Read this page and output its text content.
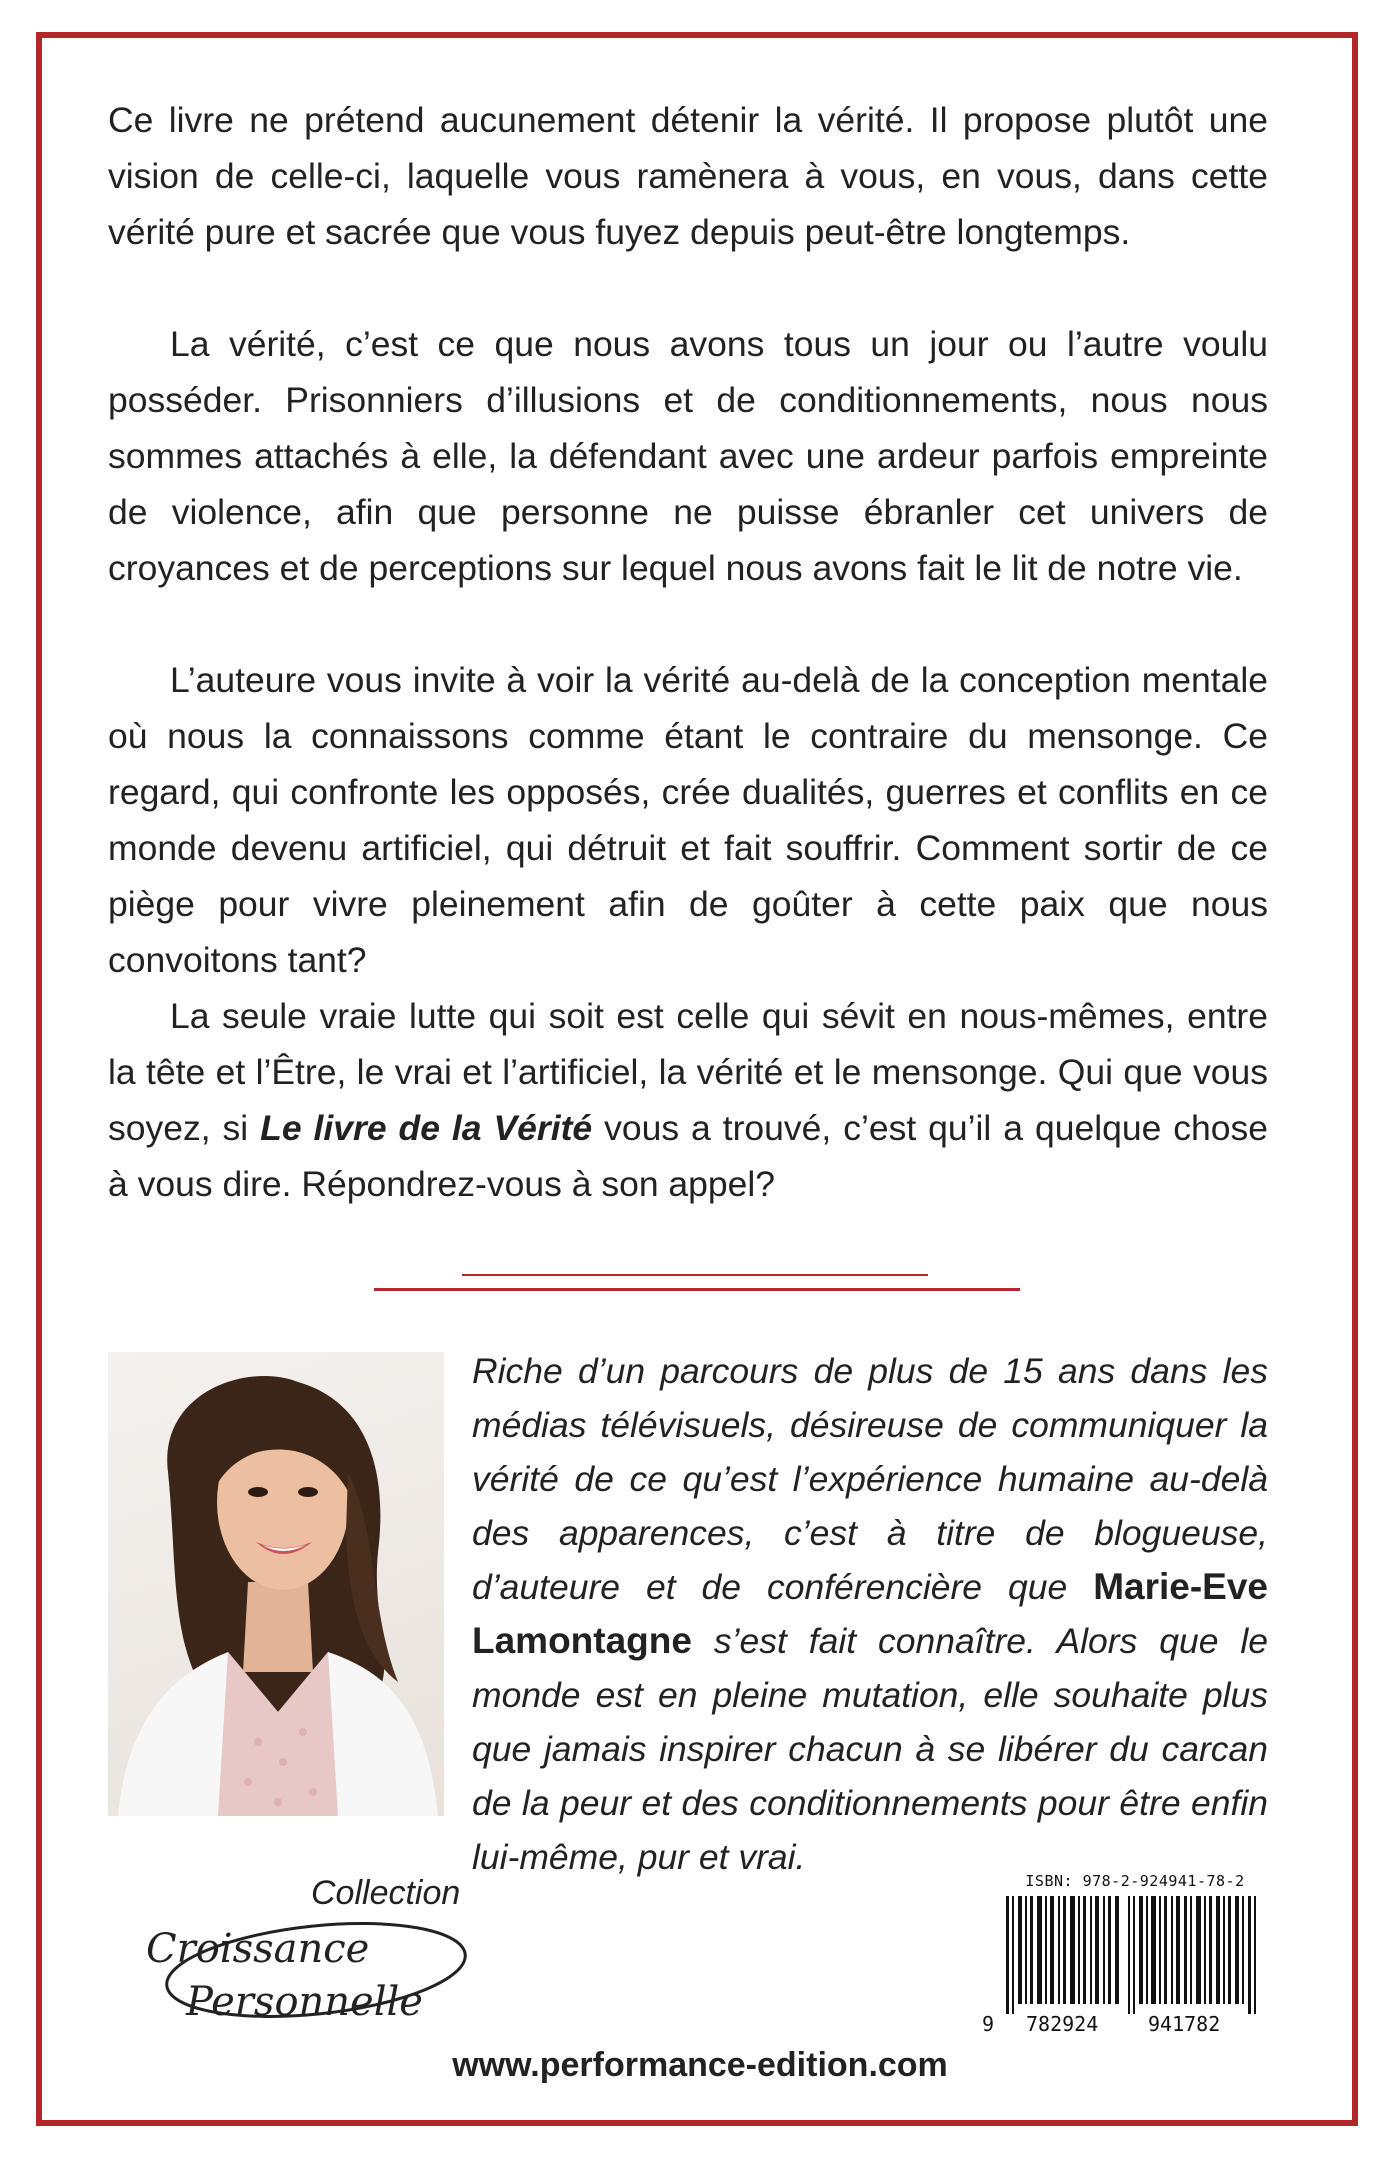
Ce livre ne prétend aucunement détenir la vérité. Il propose plutôt une vision de celle-ci, laquelle vous ramènera à vous, en vous, dans cette vérité pure et sacrée que vous fuyez depuis peut-être longtemps.

La vérité, c’est ce que nous avons tous un jour ou l’autre voulu posséder. Prisonniers d’illusions et de conditionnements, nous nous sommes attachés à elle, la défendant avec une ardeur parfois empreinte de violence, afin que personne ne puisse ébranler cet univers de croyances et de perceptions sur lequel nous avons fait le lit de notre vie.

L’auteure vous invite à voir la vérité au-delà de la conception mentale où nous la connaissons comme étant le contraire du mensonge. Ce regard, qui confronte les opposés, crée dualités, guerres et conflits en ce monde devenu artificiel, qui détruit et fait souffrir. Comment sortir de ce piège pour vivre pleinement afin de goûter à cette paix que nous convoitons tant?

La seule vraie lutte qui soit est celle qui sévit en nous-mêmes, entre la tête et l’Être, le vrai et l’artificiel, la vérité et le mensonge. Qui que vous soyez, si Le livre de la Vérité vous a trouvé, c’est qu’il a quelque chose à vous dire. Répondrez-vous à son appel?

Riche d’un parcours de plus de 15 ans dans les médias télévisuels, désireuse de communiquer la vérité de ce qu’est l’expérience humaine au-delà des apparences, c’est à titre de blogueuse, d’auteure et de conférencière que Marie-Eve Lamontagne s’est fait connaître. Alors que le monde est en pleine mutation, elle souhaite plus que jamais inspirer chacun à se libérer du carcan de la peur et des conditionnements pour être enfin lui-même, pur et vrai.

Collection
Croissance
Personnelle
ISBN: 978-2-924941-78-2
9 782924 941782
www.performance-edition.com
